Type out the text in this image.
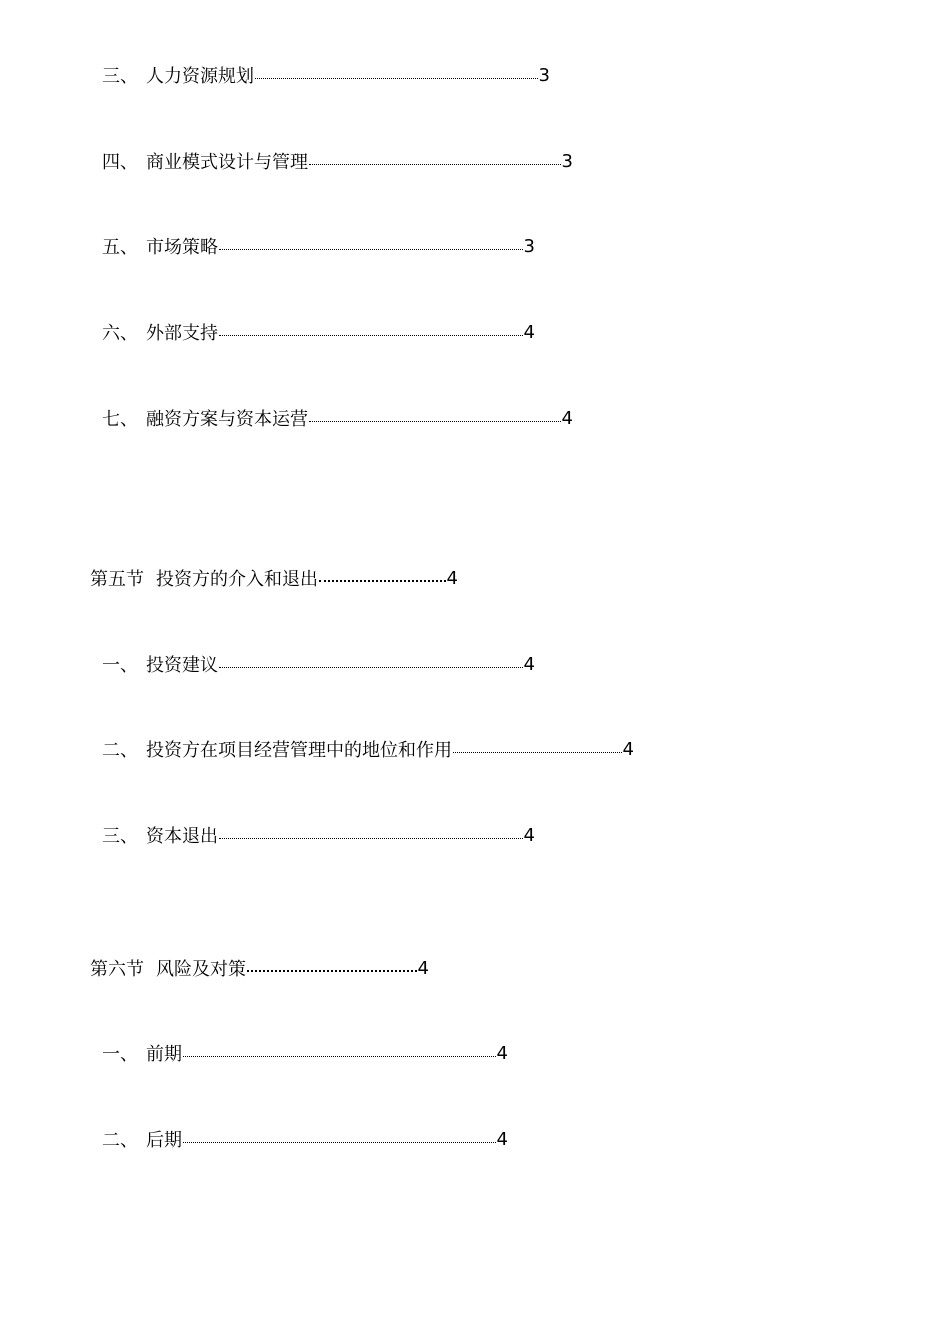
三、 人力资源规划	3
四、 商业模式设计与管理	3
五、 市场策略	3
六、 外部支持	4
七、 融资方案与资本运营	4
第五节 投资方的介入和退出	4
一、 投资建议	4
二、 投资方在项目经营管理中的地位和作用	4
三、 资本退出	4
第六节 风险及对策	4
一、 前期	4
二、 后期	4
